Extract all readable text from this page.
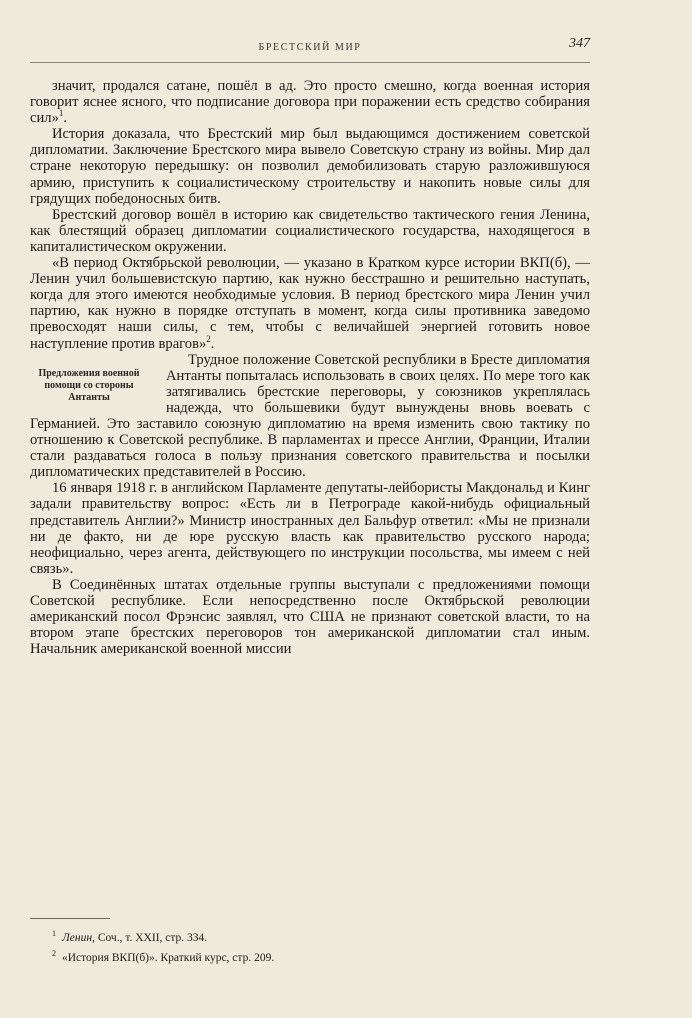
БРЕСТСКИЙ МИР	347

значит, продался сатане, пошёл в ад. Это просто смешно, когда военная история говорит яснее ясного, что подписание договора при поражении есть средство собирания сил»$^1$.

История доказала, что Брестский мир был выдающимся достижением советской дипломатии. Заключение Брестского мира вывело Советскую страну из войны. Мир дал стране некоторую передышку: он позволил демобилизовать старую разложившуюся армию, приступить к социалистическому строительству и накопить новые силы для грядущих победоносных битв.

Брестский договор вошёл в историю как свидетельство тактического гения Ленина, как блестящий образец дипломатии социалистического государства, находящегося в капиталистическом окружении.

«В период Октябрьской революции, — указано в Кратком курсе истории ВКП(б), — Ленин учил большевистскую партию, как нужно бесстрашно и решительно наступать, когда для этого имеются необходимые условия. В период брестского мира Ленин учил партию, как нужно в порядке отступать в момент, когда силы противника заведомо превосходят наши силы, с тем, чтобы с величайшей энергией готовить новое наступление против врагов»$^2$.

Предложения военной помощи со стороны Антанты

Трудное положение Советской республики в Бресте дипломатия Антанты попыталась использовать в своих целях. По мере того как затягивались брестские переговоры, у союзников укреплялась надежда, что большевики будут вынуждены вновь воевать с Германией. Это заставило союзную дипломатию на время изменить свою тактику по отношению к Советской республике. В парламентах и прессе Англии, Франции, Италии стали раздаваться голоса в пользу признания советского правительства и посылки дипломатических представителей в Россию.

16 января 1918 г. в английском Парламенте депутаты-лейбористы Макдональд и Кинг задали правительству вопрос: «Есть ли в Петрограде какой-нибудь официальный представитель Англии?» Министр иностранных дел Бальфур ответил: «Мы не признали ни де факто, ни де юре русскую власть как правительство русского народа; неофициально, через агента, действующего по инструкции посольства, мы имеем с ней связь».

В Соединённых штатах отдельные группы выступали с предложениями помощи Советской республике. Если непосредственно после Октябрьской революции американский посол Фрэнсис заявлял, что США не признают советской власти, то на втором этапе брестских переговоров тон американской дипломатии стал иным. Начальник американской военной миссии

$^1$ Ленин, Соч., т. XXII, стр. 334.
$^2$ «История ВКП(б)». Краткий курс, стр. 209.
